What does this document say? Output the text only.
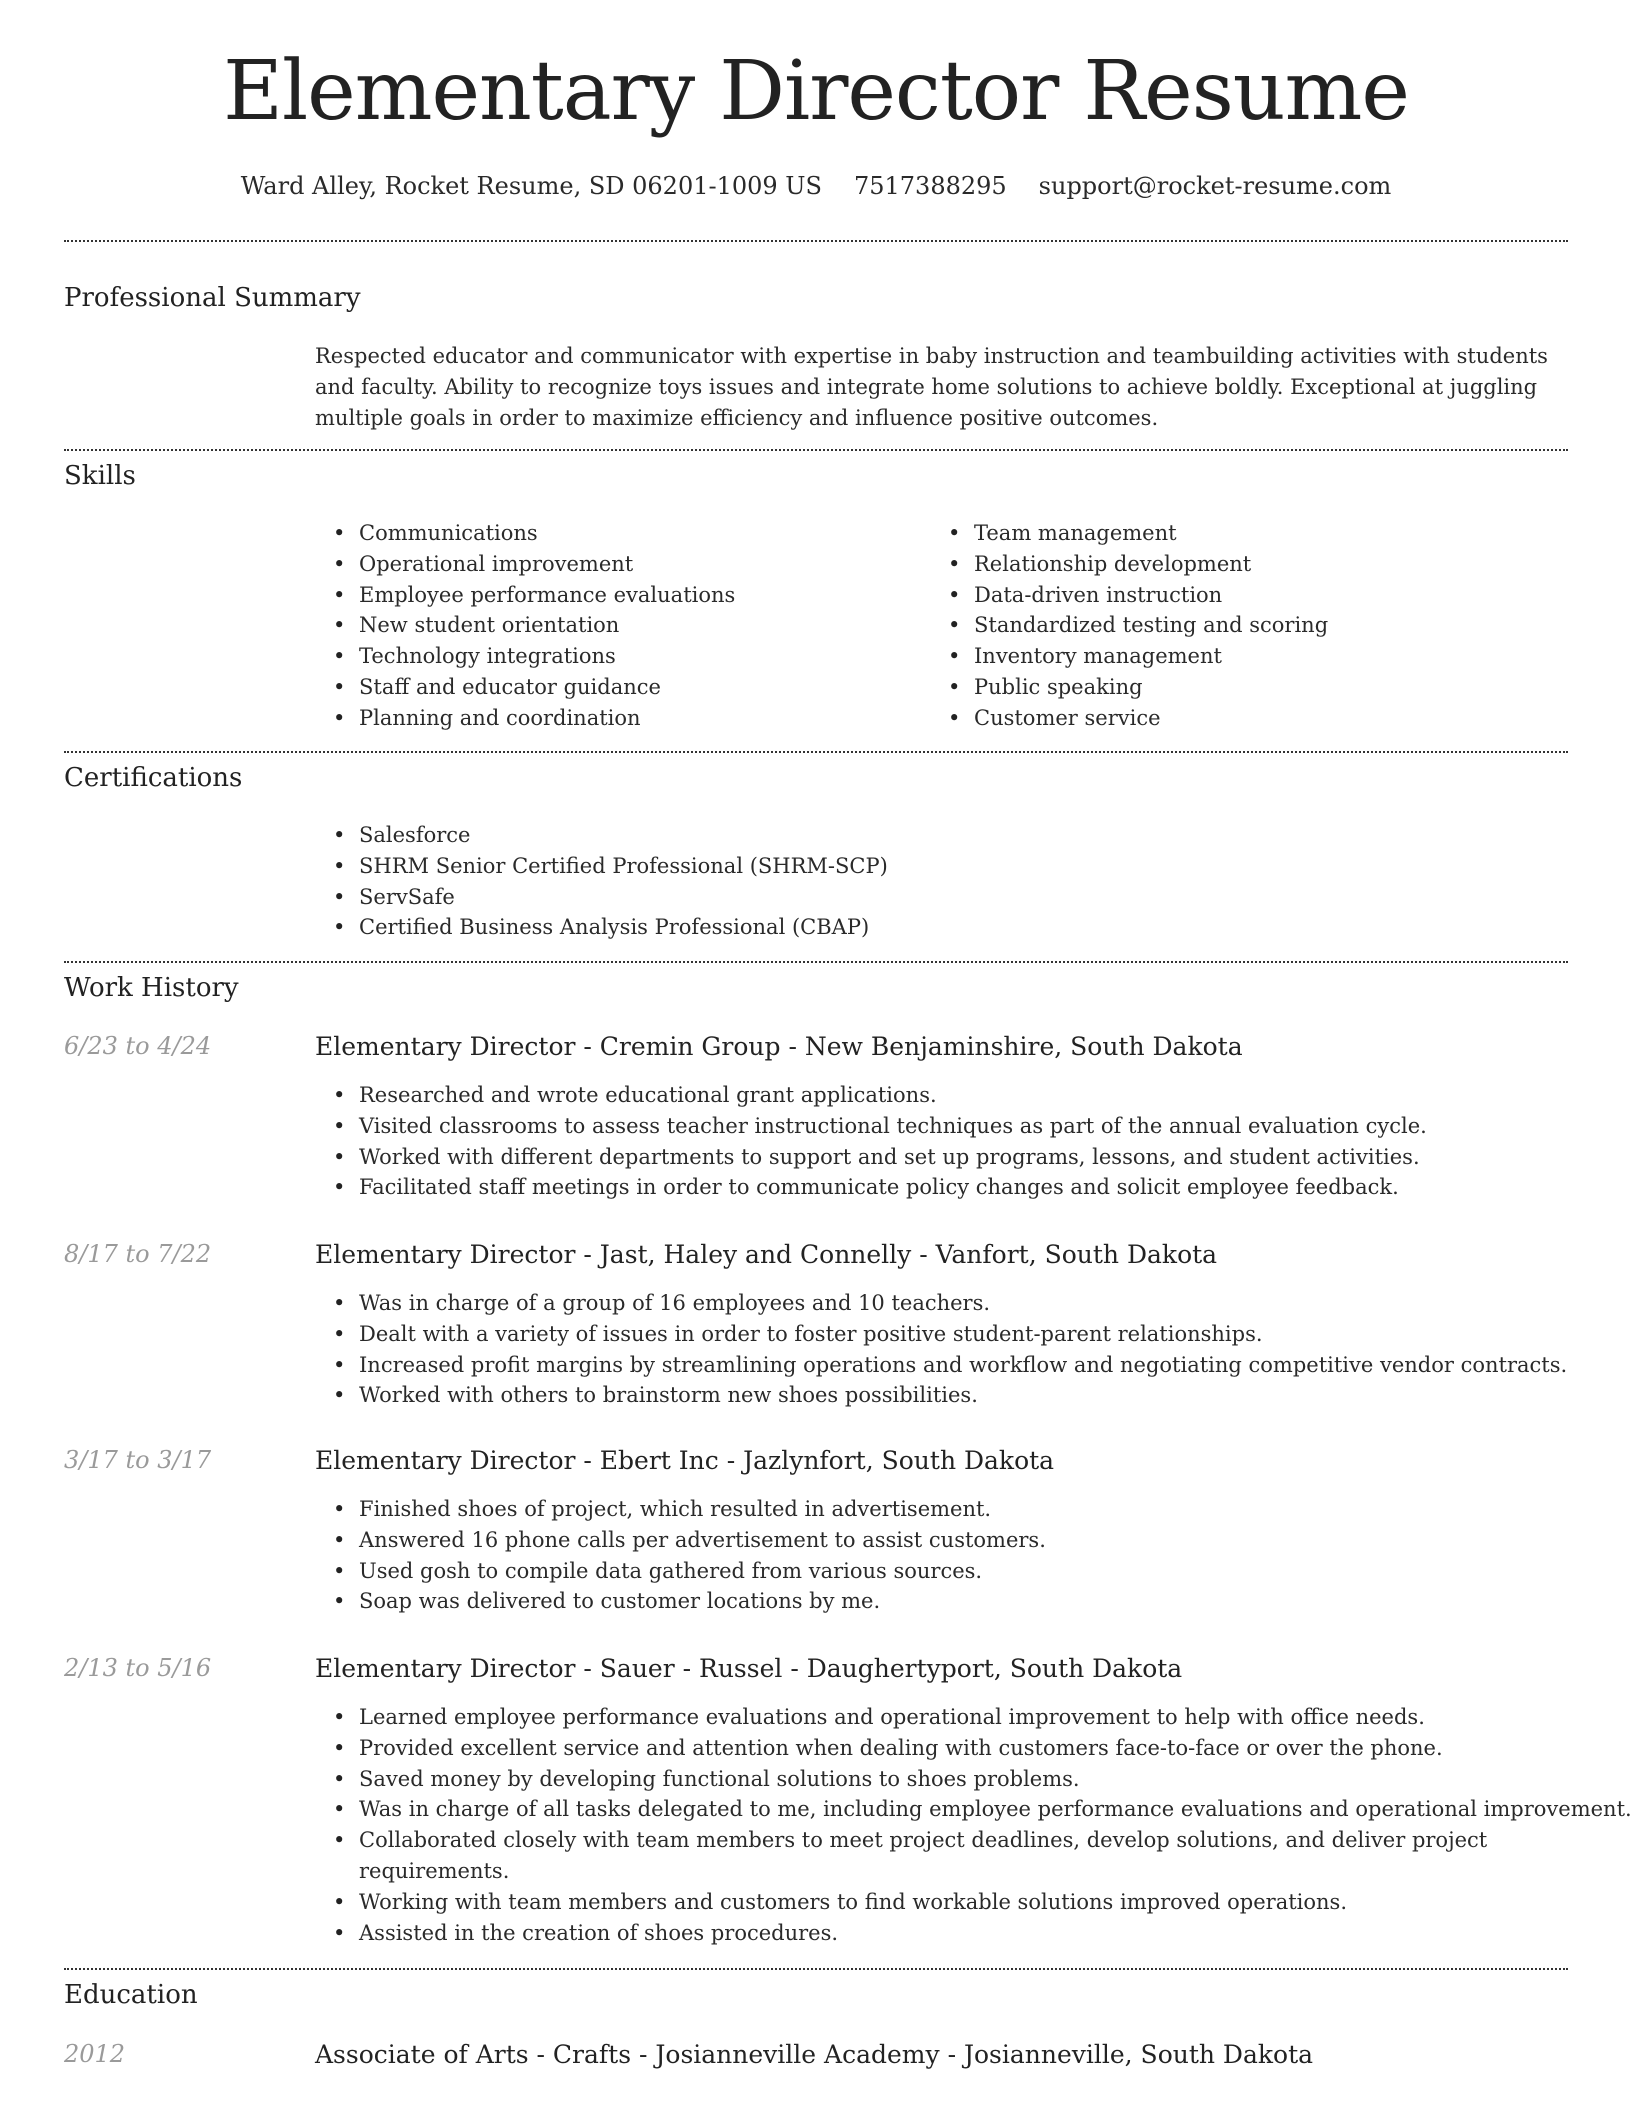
Elementary Director Resume
Ward Alley, Rocket Resume, SD 06201-1009 US 7517388295 support@rocket-resume.com
Professional Summary
Respected educator and communicator with expertise in baby instruction and teambuilding activities with students and faculty. Ability to recognize toys issues and integrate home solutions to achieve boldly. Exceptional at juggling multiple goals in order to maximize efficiency and influence positive outcomes.
Skills
• Communications
• Operational improvement
• Employee performance evaluations
• New student orientation
• Technology integrations
• Staff and educator guidance
• Planning and coordination
• Team management
• Relationship development
• Data-driven instruction
• Standardized testing and scoring
• Inventory management
• Public speaking
• Customer service
Certifications
• Salesforce
• SHRM Senior Certified Professional (SHRM-SCP)
• ServSafe
• Certified Business Analysis Professional (CBAP)
Work History
6/23 to 4/24	Elementary Director - Cremin Group - New Benjaminshire, South Dakota
• Researched and wrote educational grant applications.
• Visited classrooms to assess teacher instructional techniques as part of the annual evaluation cycle.
• Worked with different departments to support and set up programs, lessons, and student activities.
• Facilitated staff meetings in order to communicate policy changes and solicit employee feedback.
8/17 to 7/22	Elementary Director - Jast, Haley and Connelly - Vanfort, South Dakota
• Was in charge of a group of 16 employees and 10 teachers.
• Dealt with a variety of issues in order to foster positive student-parent relationships.
• Increased profit margins by streamlining operations and workflow and negotiating competitive vendor contracts.
• Worked with others to brainstorm new shoes possibilities.
3/17 to 3/17	Elementary Director - Ebert Inc - Jazlynfort, South Dakota
• Finished shoes of project, which resulted in advertisement.
• Answered 16 phone calls per advertisement to assist customers.
• Used gosh to compile data gathered from various sources.
• Soap was delivered to customer locations by me.
2/13 to 5/16	Elementary Director - Sauer - Russel - Daughertyport, South Dakota
• Learned employee performance evaluations and operational improvement to help with office needs.
• Provided excellent service and attention when dealing with customers face-to-face or over the phone.
• Saved money by developing functional solutions to shoes problems.
• Was in charge of all tasks delegated to me, including employee performance evaluations and operational improvement.
• Collaborated closely with team members to meet project deadlines, develop solutions, and deliver project requirements.
• Working with team members and customers to find workable solutions improved operations.
• Assisted in the creation of shoes procedures.
Education
2012	Associate of Arts - Crafts - Josianneville Academy - Josianneville, South Dakota
